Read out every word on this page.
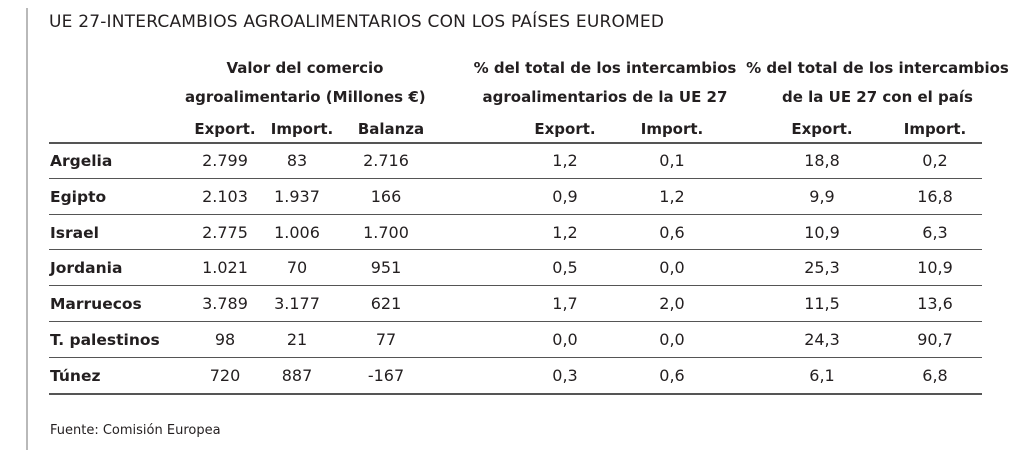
UE 27-INTERCAMBIOS AGROALIMENTARIOS CON LOS PAÍSES EUROMED
Valor del comercio
agroalimentario (Millones €)
% del total de los intercambios
agroalimentarios de la UE 27
% del total de los intercambios
de la UE 27 con el país
Export.	Import.	Balanza	Export.	Import.	Export.	Import.
Argelia	2.799	83	2.716	1,2	0,1	18,8	0,2
Egipto	2.103	1.937	166	0,9	1,2	9,9	16,8
Israel	2.775	1.006	1.700	1,2	0,6	10,9	6,3
Jordania	1.021	70	951	0,5	0,0	25,3	10,9
Marruecos	3.789	3.177	621	1,7	2,0	11,5	13,6
T. palestinos	98	21	77	0,0	0,0	24,3	90,7
Túnez	720	887	-167	0,3	0,6	6,1	6,8
Fuente: Comisión Europea
